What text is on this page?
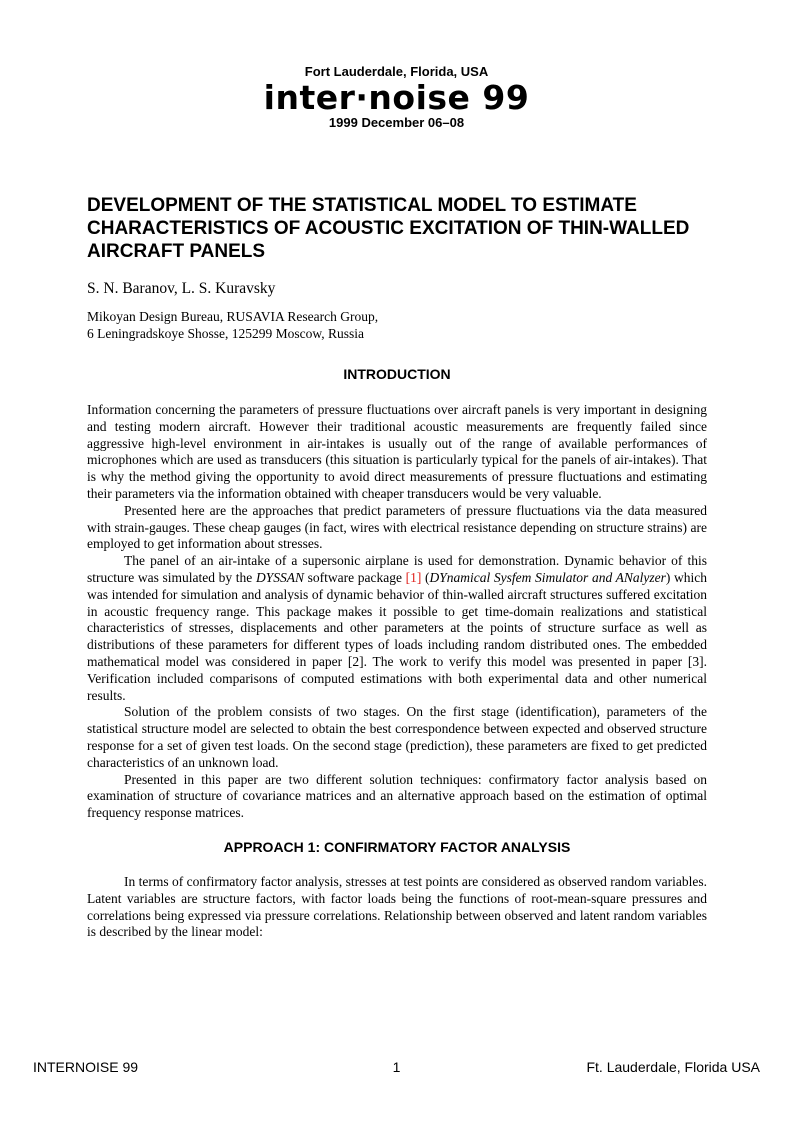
Fort Lauderdale, Florida, USA
inter·noise 99
1999 December 06–08
DEVELOPMENT OF THE STATISTICAL MODEL TO ESTIMATE CHARACTERISTICS OF ACOUSTIC EXCITATION OF THIN-WALLED AIRCRAFT PANELS
S. N. Baranov, L. S. Kuravsky
Mikoyan Design Bureau, RUSAVIA Research Group,
6 Leningradskoye Shosse, 125299 Moscow, Russia
INTRODUCTION

Information concerning the parameters of pressure fluctuations over aircraft panels is very important in designing and testing modern aircraft. However their traditional acoustic measurements are frequently failed since aggressive high-level environment in air-intakes is usually out of the range of available performances of microphones which are used as transducers (this situation is particularly typical for the panels of air-intakes). That is why the method giving the opportunity to avoid direct measurements of pressure fluctuations and estimating their parameters via the information obtained with cheaper transducers would be very valuable.

Presented here are the approaches that predict parameters of pressure fluctuations via the data measured with strain-gauges. These cheap gauges (in fact, wires with electrical resistance depending on structure strains) are employed to get information about stresses.

The panel of an air-intake of a supersonic airplane is used for demonstration. Dynamic behavior of this structure was simulated by the DYSSAN software package [1] (DYnamical Sysfem Simulator and ANalyzer) which was intended for simulation and analysis of dynamic behavior of thin-walled aircraft structures suffered excitation in acoustic frequency range. This package makes it possible to get time-domain realizations and statistical characteristics of stresses, displacements and other parameters at the points of structure surface as well as distributions of these parameters for different types of loads including random distributed ones. The embedded mathematical model was considered in paper [2]. The work to verify this model was presented in paper [3]. Verification included comparisons of computed estimations with both experimental data and other numerical results.

Solution of the problem consists of two stages. On the first stage (identification), parameters of the statistical structure model are selected to obtain the best correspondence between expected and observed structure response for a set of given test loads. On the second stage (prediction), these parameters are fixed to get predicted characteristics of an unknown load.

Presented in this paper are two different solution techniques: confirmatory factor analysis based on examination of structure of covariance matrices and an alternative approach based on the estimation of optimal frequency response matrices.

APPROACH 1: CONFIRMATORY FACTOR ANALYSIS

In terms of confirmatory factor analysis, stresses at test points are considered as observed random variables. Latent variables are structure factors, with factor loads being the functions of root-mean-square pressures and correlations being expressed via pressure correlations. Relationship between observed and latent random variables is described by the linear model:

INTERNOISE 99	1	Ft. Lauderdale, Florida USA
